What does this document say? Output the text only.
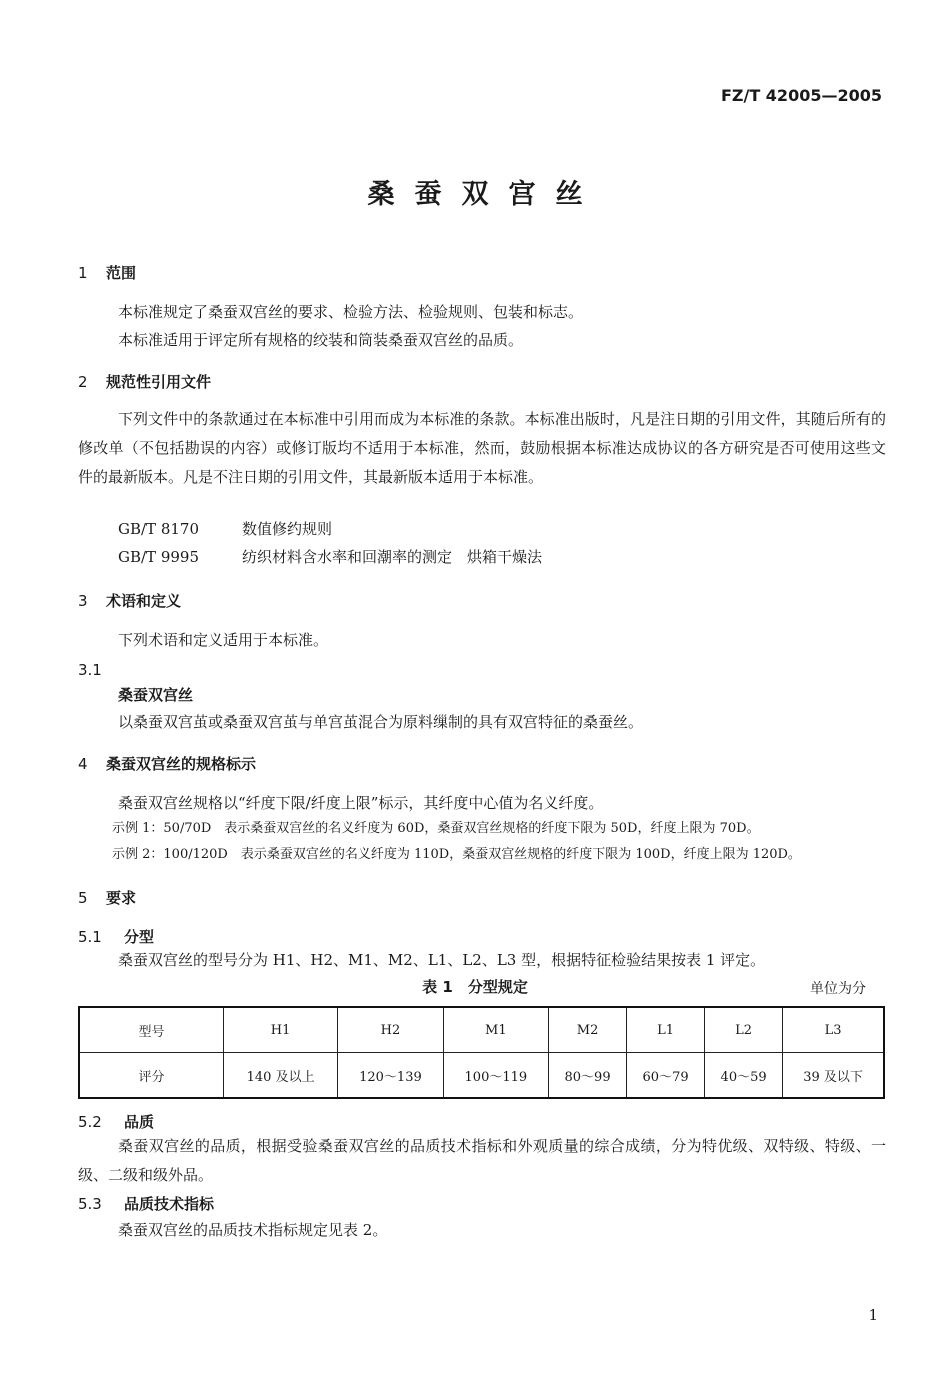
FZ/T 42005—2005
桑蚕双宫丝
1 范围
本标准规定了桑蚕双宫丝的要求、检验方法、检验规则、包装和标志。
本标准适用于评定所有规格的绞装和筒装桑蚕双宫丝的品质。
2 规范性引用文件
下列文件中的条款通过在本标准中引用而成为本标准的条款。本标准出版时，凡是注日期的引用文件，其随后所有的修改单（不包括勘误的内容）或修订版均不适用于本标准，然而，鼓励根据本标准达成协议的各方研究是否可使用这些文件的最新版本。凡是不注日期的引用文件，其最新版本适用于本标准。
GB/T 8170	数值修约规则
GB/T 9995	纺织材料含水率和回潮率的测定　烘箱干燥法
3 术语和定义
下列术语和定义适用于本标准。
3.1
桑蚕双宫丝
以桑蚕双宫茧或桑蚕双宫茧与单宫茧混合为原料缫制的具有双宫特征的桑蚕丝。
4 桑蚕双宫丝的规格标示
桑蚕双宫丝规格以“纤度下限/纤度上限”标示，其纤度中心值为名义纤度。
示例 1：50/70D　表示桑蚕双宫丝的名义纤度为 60D，桑蚕双宫丝规格的纤度下限为 50D，纤度上限为 70D。
示例 2：100/120D　表示桑蚕双宫丝的名义纤度为 110D，桑蚕双宫丝规格的纤度下限为 100D，纤度上限为 120D。
5 要求
5.1 分型
桑蚕双宫丝的型号分为 H1、H2、M1、M2、L1、L2、L3 型，根据特征检验结果按表 1 评定。
表 1　分型规定	单位为分
型号	H1	H2	M1	M2	L1	L2	L3
评分	140 及以上	120～139	100～119	80～99	60～79	40～59	39 及以下
5.2 品质
桑蚕双宫丝的品质，根据受验桑蚕双宫丝的品质技术指标和外观质量的综合成绩，分为特优级、双特级、特级、一级、二级和级外品。
5.3 品质技术指标
桑蚕双宫丝的品质技术指标规定见表 2。
1
